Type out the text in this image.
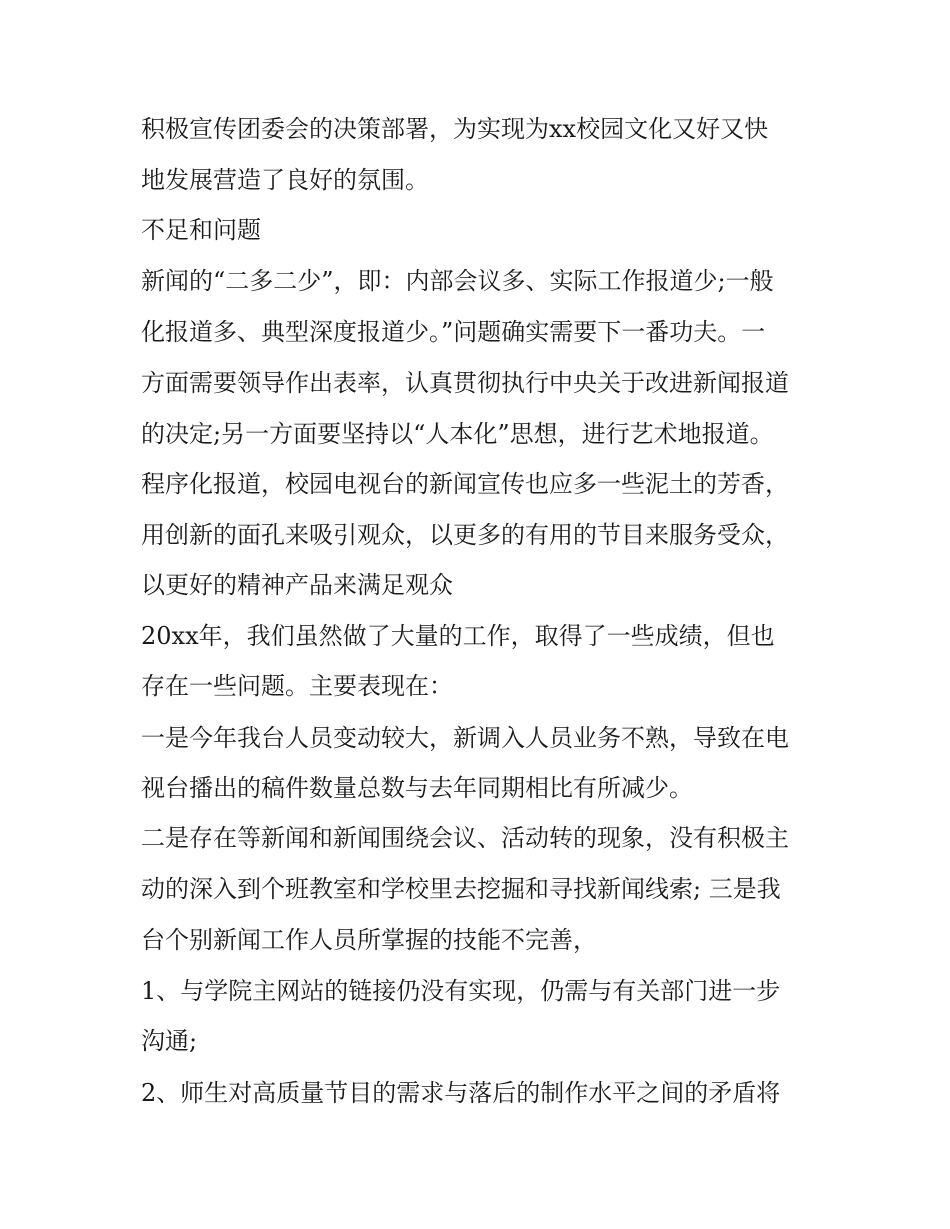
积极宣传团委会的决策部署，为实现为xx校园文化又好又快
地发展营造了良好的氛围。
不足和问题
新闻的“二多二少”，即：内部会议多、实际工作报道少;一般
化报道多、典型深度报道少。”问题确实需要下一番功夫。一
方面需要领导作出表率，认真贯彻执行中央关于改进新闻报道
的决定;另一方面要坚持以“人本化”思想，进行艺术地报道。
程序化报道，校园电视台的新闻宣传也应多一些泥土的芳香，
用创新的面孔来吸引观众，以更多的有用的节目来服务受众，
以更好的精神产品来满足观众
20xx年，我们虽然做了大量的工作，取得了一些成绩，但也
存在一些问题。主要表现在：
一是今年我台人员变动较大，新调入人员业务不熟，导致在电
视台播出的稿件数量总数与去年同期相比有所减少。
二是存在等新闻和新闻围绕会议、活动转的现象，没有积极主
动的深入到个班教室和学校里去挖掘和寻找新闻线索; 三是我
台个别新闻工作人员所掌握的技能不完善，
1、与学院主网站的链接仍没有实现，仍需与有关部门进一步
沟通;
2、师生对高质量节目的需求与落后的制作水平之间的矛盾将
